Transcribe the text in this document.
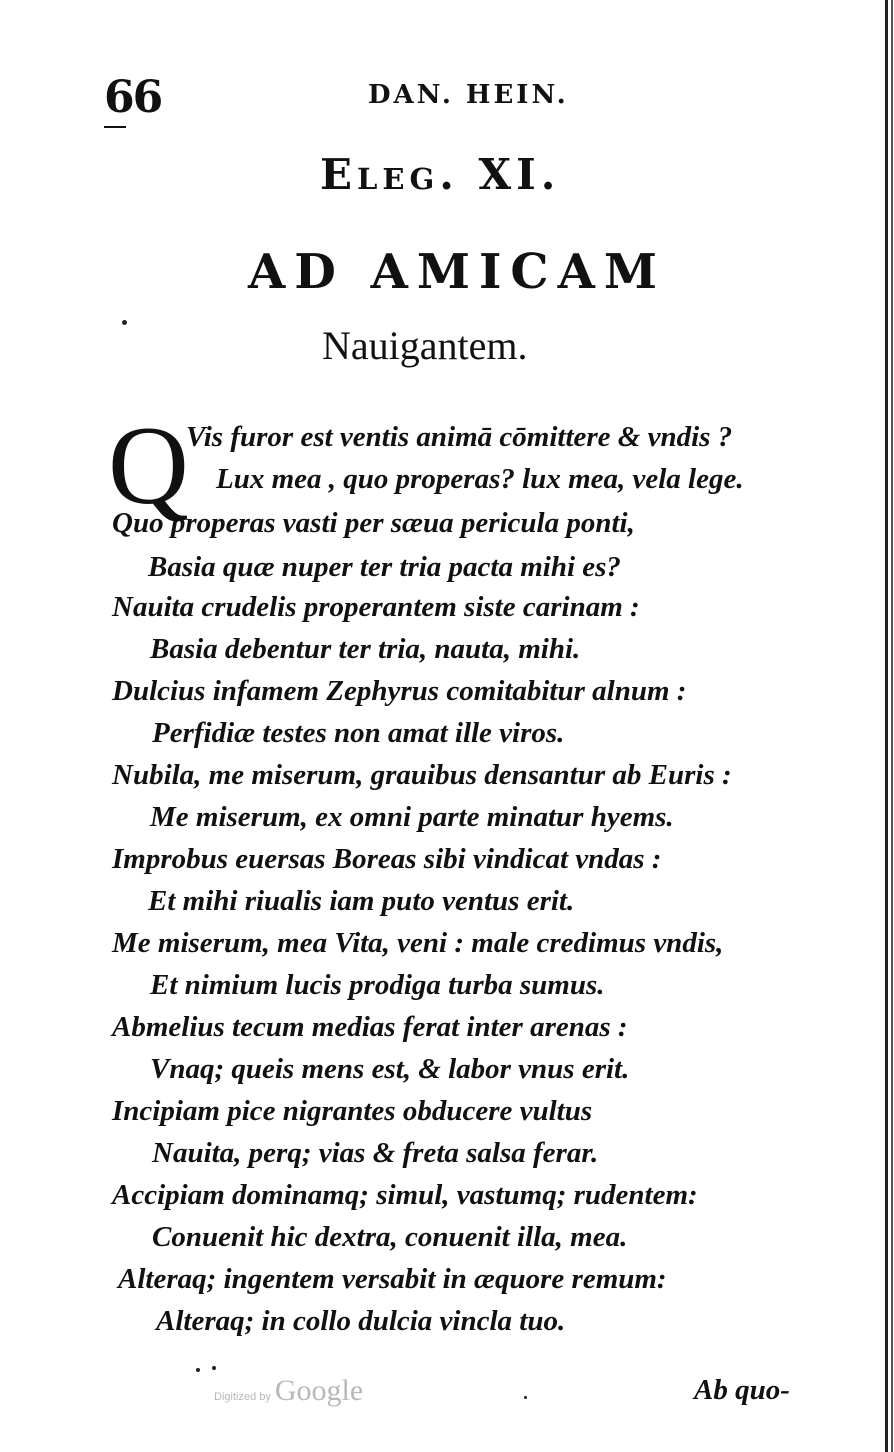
66	DAN. HEIN.
Eleg. XI.
AD AMICAM
Nauigantem.
Q
Vis furor est ventis animā cōmittere & vndis ?
Lux mea , quo properas? lux mea, vela lege.
Quo properas vasti per sæua pericula ponti,
Basia quæ nuper ter tria pacta mihi es?
Nauita crudelis properantem siste carinam :
Basia debentur ter tria, nauta, mihi.
Dulcius infamem Zephyrus comitabitur alnum :
Perfidiæ testes non amat ille viros.
Nubila, me miserum, grauibus densantur ab Euris :
Me miserum, ex omni parte minatur hyems.
Improbus euersas Boreas sibi vindicat vndas :
Et mihi riualis iam puto ventus erit.
Me miserum, mea Vita, veni : male credimus vndis,
Et nimium lucis prodiga turba sumus.
Abmelius tecum medias ferat inter arenas :
Vnaq; queis mens est, & labor vnus erit.
Incipiam pice nigrantes obducere vultus
Nauita, perq; vias & freta salsa ferar.
Accipiam dominamq; simul, vastumq; rudentem:
Conuenit hic dextra, conuenit illa, mea.
Alteraq; ingentem versabit in æquore remum:
Alteraq; in collo dulcia vincla tuo.
Ab quo-
Digitized by Google
